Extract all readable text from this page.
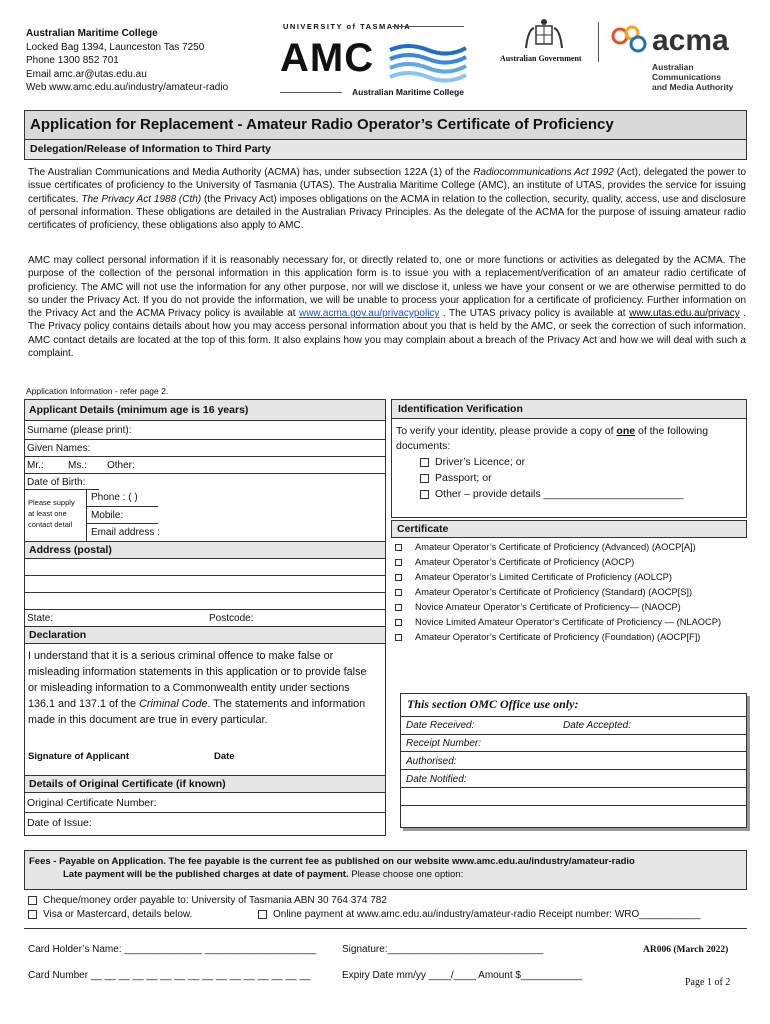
Australian Maritime College
Locked Bag 1394, Launceston Tas 7250
Phone 1300 852 701
Email amc.ar@utas.edu.au
Web www.amc.edu.au/industry/amateur-radio
UNIVERSITY of TASMANIA
AMC
Australian Maritime College
Australian Government
acma
Australian
Communications
and Media Authority
Application for Replacement - Amateur Radio Operator’s Certificate of Proficiency
Delegation/Release of Information to Third Party
The Australian Communications and Media Authority (ACMA) has, under subsection 122A (1) of the Radiocommunications Act 1992 (Act), delegated the power to issue certificates of proficiency to the University of Tasmania (UTAS). The Australia Maritime College (AMC), an institute of UTAS, provides the service for issuing certificates. The Privacy Act 1988 (Cth) (the Privacy Act) imposes obligations on the ACMA in relation to the collection, security, quality, access, use and disclosure of personal information. These obligations are detailed in the Australian Privacy Principles. As the delegate of the ACMA for the purpose of issuing amateur radio certificates of proficiency, these obligations also apply to AMC.
AMC may collect personal information if it is reasonably necessary for, or directly related to, one or more functions or activities as delegated by the ACMA. The purpose of the collection of the personal information in this application form is to issue you with a replacement/verification of an amateur radio certificate of proficiency. The AMC will not use the information for any other purpose, nor will we disclose it, unless we have your consent or we are otherwise permitted to do so under the Privacy Act. If you do not provide the information, we will be unable to process your application for a certificate of proficiency. Further information on the Privacy Act and the ACMA Privacy policy is available at www.acma.gov.au/privacypolicy . The UTAS privacy policy is available at www.utas.edu.au/privacy . The Privacy policy contains details about how you may access personal information about you that is held by the AMC, or seek the correction of such information. AMC contact details are located at the top of this form. It also explains how you may complain about a breach of the Privacy Act and how we will deal with such a complaint.
Application Information - refer page 2.
Applicant Details (minimum age is 16 years)
Surname (please print):
Given Names:
Mr.: Ms.: Other:
Date of Birth:
Please supply at least one contact detail
Phone : ( )
Mobile:
Email address :
Address (postal)
State:	Postcode:
Declaration
I understand that it is a serious criminal offence to make false or misleading information statements in this application or to provide false or misleading information to a Commonwealth entity under sections 136.1 and 137.1 of the Criminal Code. The statements and information made in this document are true in every particular.
Signature of Applicant	Date
Details of Original Certificate (if known)
Original Certificate Number:
Date of Issue:
Identification Verification
To verify your identity, please provide a copy of one of the following documents:
Driver’s Licence; or
Passport; or
Other – provide details ________________________
Certificate
Amateur Operator’s Certificate of Proficiency (Advanced) (AOCP[A])
Amateur Operator’s Certificate of Proficiency (AOCP)
Amateur Operator’s Limited Certificate of Proficiency (AOLCP)
Amateur Operator’s Certificate of Proficiency (Standard) (AOCP[S])
Novice Amateur Operator’s Certificate of Proficiency— (NAOCP)
Novice Limited Amateur Operator’s Certificate of Proficiency — (NLAOCP)
Amateur Operator’s Certificate of Proficiency (Foundation) (AOCP[F])
This section OMC Office use only:
Date Received:	Date Accepted:
Receipt Number:
Authorised:
Date Notified:
Fees - Payable on Application. The fee payable is the current fee as published on our website www.amc.edu.au/industry/amateur-radio
Late payment will be the published charges at date of payment. Please choose one option:
Cheque/money order payable to: University of Tasmania ABN 30 764 374 782
Visa or Mastercard, details below.	Online payment at www.amc.edu.au/industry/amateur-radio Receipt number: WRO___________
Card Holder’s Name: ______________ ____________________	Signature:____________________________	AR006 (March 2022)
Card Number __ __ __ __ __ __ __ __ __ __ __ __ __ __ __ __	Expiry Date mm/yy ____/____ Amount $___________
Page 1 of 2
